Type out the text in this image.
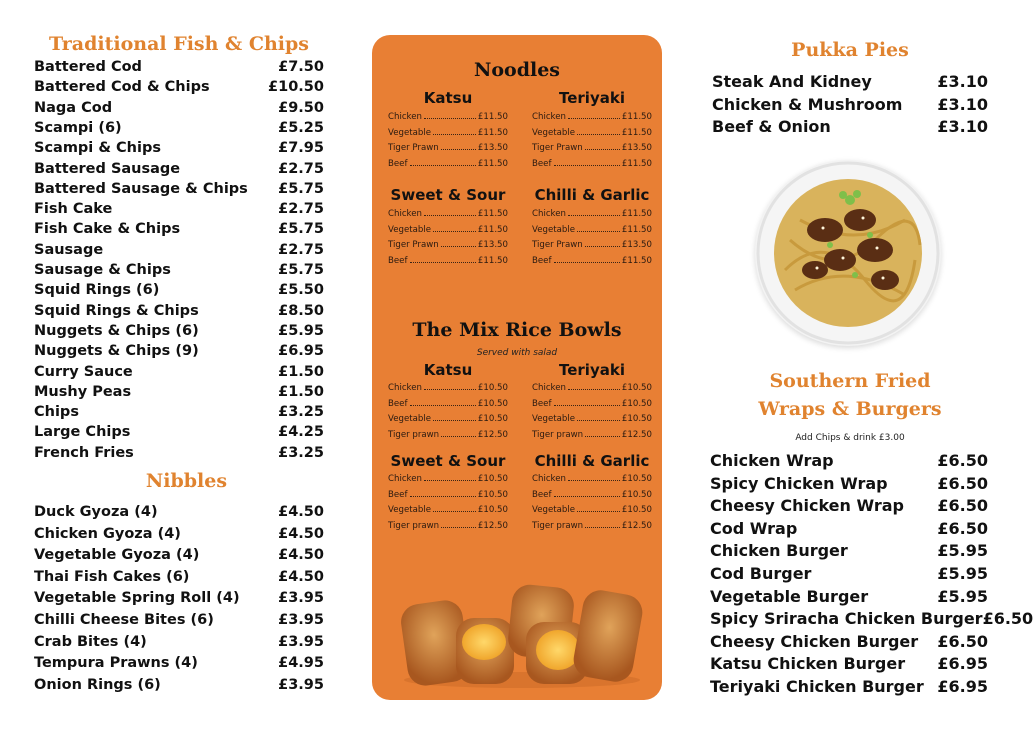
Traditional Fish & Chips
Battered Cod	£7.50
Battered Cod & Chips	£10.50
Naga Cod	£9.50
Scampi (6)	£5.25
Scampi & Chips	£7.95
Battered Sausage	£2.75
Battered Sausage & Chips £5.75
Fish Cake	£2.75
Fish Cake & Chips	£5.75
Sausage	£2.75
Sausage & Chips	£5.75
Squid Rings (6)	£5.50
Squid Rings & Chips	£8.50
Nuggets & Chips (6)	£5.95
Nuggets & Chips (9)	£6.95
Curry Sauce	£1.50
Mushy Peas	£1.50
Chips	£3.25
Large Chips	£4.25
French Fries	£3.25
Nibbles
Duck Gyoza (4)	£4.50
Chicken Gyoza (4)	£4.50
Vegetable Gyoza (4)	£4.50
Thai Fish Cakes (6)	£4.50
Vegetable Spring Roll (4)	£3.95
Chilli Cheese Bites (6)	£3.95
Crab Bites (4)	£3.95
Tempura Prawns (4)	£4.95
Onion Rings (6)	£3.95
Noodles
The Mix Rice Bowls
Served with salad
Katsu
Chicken	£11.50
Vegetable	£11.50
Tiger Prawn	£13.50
Beef	£11.50
Teriyaki
Chicken	£11.50
Vegetable	£11.50
Tiger Prawn	£13.50
Beef	£11.50
Sweet & Sour
Chicken	£11.50
Vegetable	£11.50
Tiger Prawn	£13.50
Beef	£11.50
Chilli & Garlic
Chicken	£11.50
Vegetable	£11.50
Tiger Prawn	£13.50
Beef	£11.50
Katsu
Chicken	£10.50
Beef	£10.50
Vegetable	£10.50
Tiger prawn	£12.50
Teriyaki
Chicken	£10.50
Beef	£10.50
Vegetable	£10.50
Tiger prawn	£12.50
Sweet & Sour
Chicken	£10.50
Beef	£10.50
Vegetable	£10.50
Tiger prawn	£12.50
Chilli & Garlic
Chicken	£10.50
Beef	£10.50
Vegetable	£10.50
Tiger prawn	£12.50
Pukka Pies
Steak And Kidney	£3.10
Chicken & Mushroom £3.10
Beef & Onion	£3.10
Southern Fried
Wraps & Burgers
Add Chips & drink £3.00
Chicken Wrap	£6.50
Spicy Chicken Wrap	£6.50
Cheesy Chicken Wrap £6.50
Cod Wrap	£6.50
Chicken Burger	£5.95
Cod Burger	£5.95
Vegetable Burger	£5.95
Spicy Sriracha Chicken Burger £6.50
Cheesy Chicken Burger £6.50
Katsu Chicken Burger £6.95
Teriyaki Chicken Burger £6.95
